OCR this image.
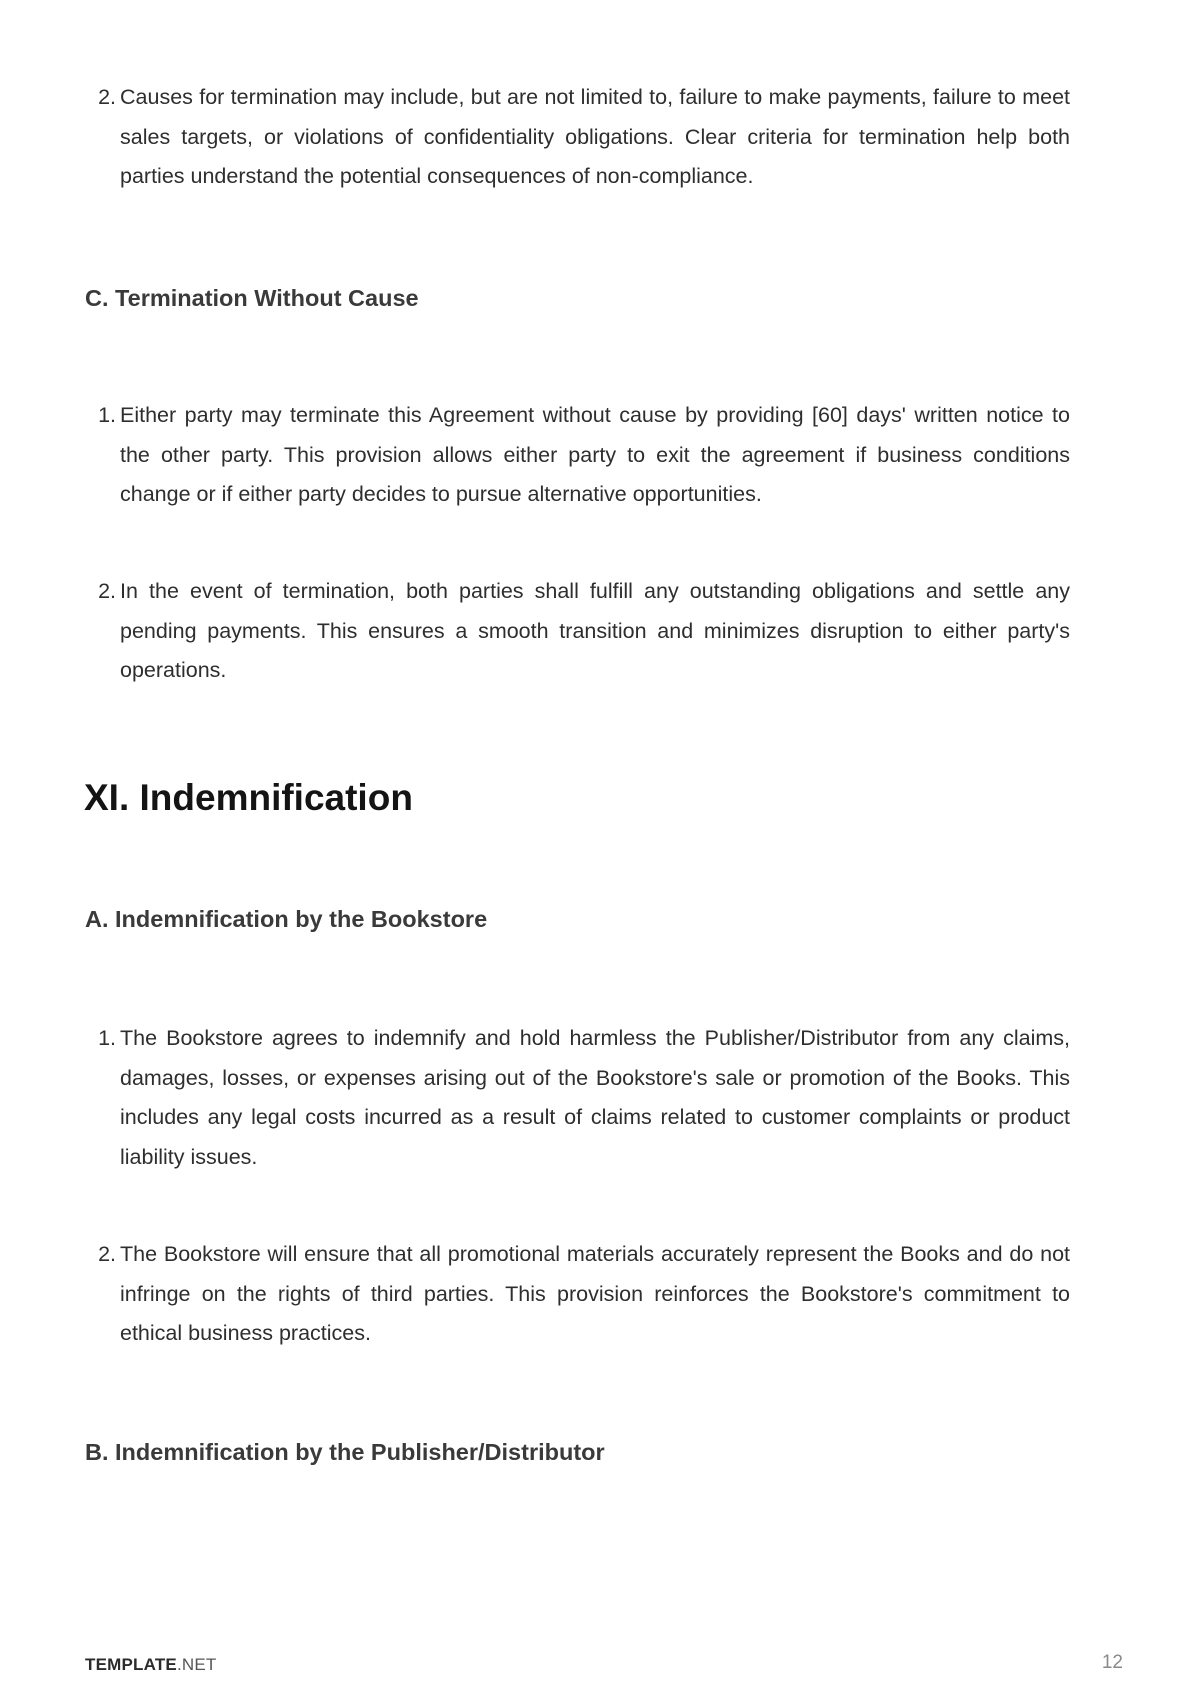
2. Causes for termination may include, but are not limited to, failure to make payments, failure to meet sales targets, or violations of confidentiality obligations. Clear criteria for termination help both parties understand the potential consequences of non-compliance.
C. Termination Without Cause
1. Either party may terminate this Agreement without cause by providing [60] days' written notice to the other party. This provision allows either party to exit the agreement if business conditions change or if either party decides to pursue alternative opportunities.
2. In the event of termination, both parties shall fulfill any outstanding obligations and settle any pending payments. This ensures a smooth transition and minimizes disruption to either party's operations.
XI. Indemnification
A. Indemnification by the Bookstore
1. The Bookstore agrees to indemnify and hold harmless the Publisher/Distributor from any claims, damages, losses, or expenses arising out of the Bookstore's sale or promotion of the Books. This includes any legal costs incurred as a result of claims related to customer complaints or product liability issues.
2. The Bookstore will ensure that all promotional materials accurately represent the Books and do not infringe on the rights of third parties. This provision reinforces the Bookstore's commitment to ethical business practices.
B. Indemnification by the Publisher/Distributor
TEMPLATE.NET	12
